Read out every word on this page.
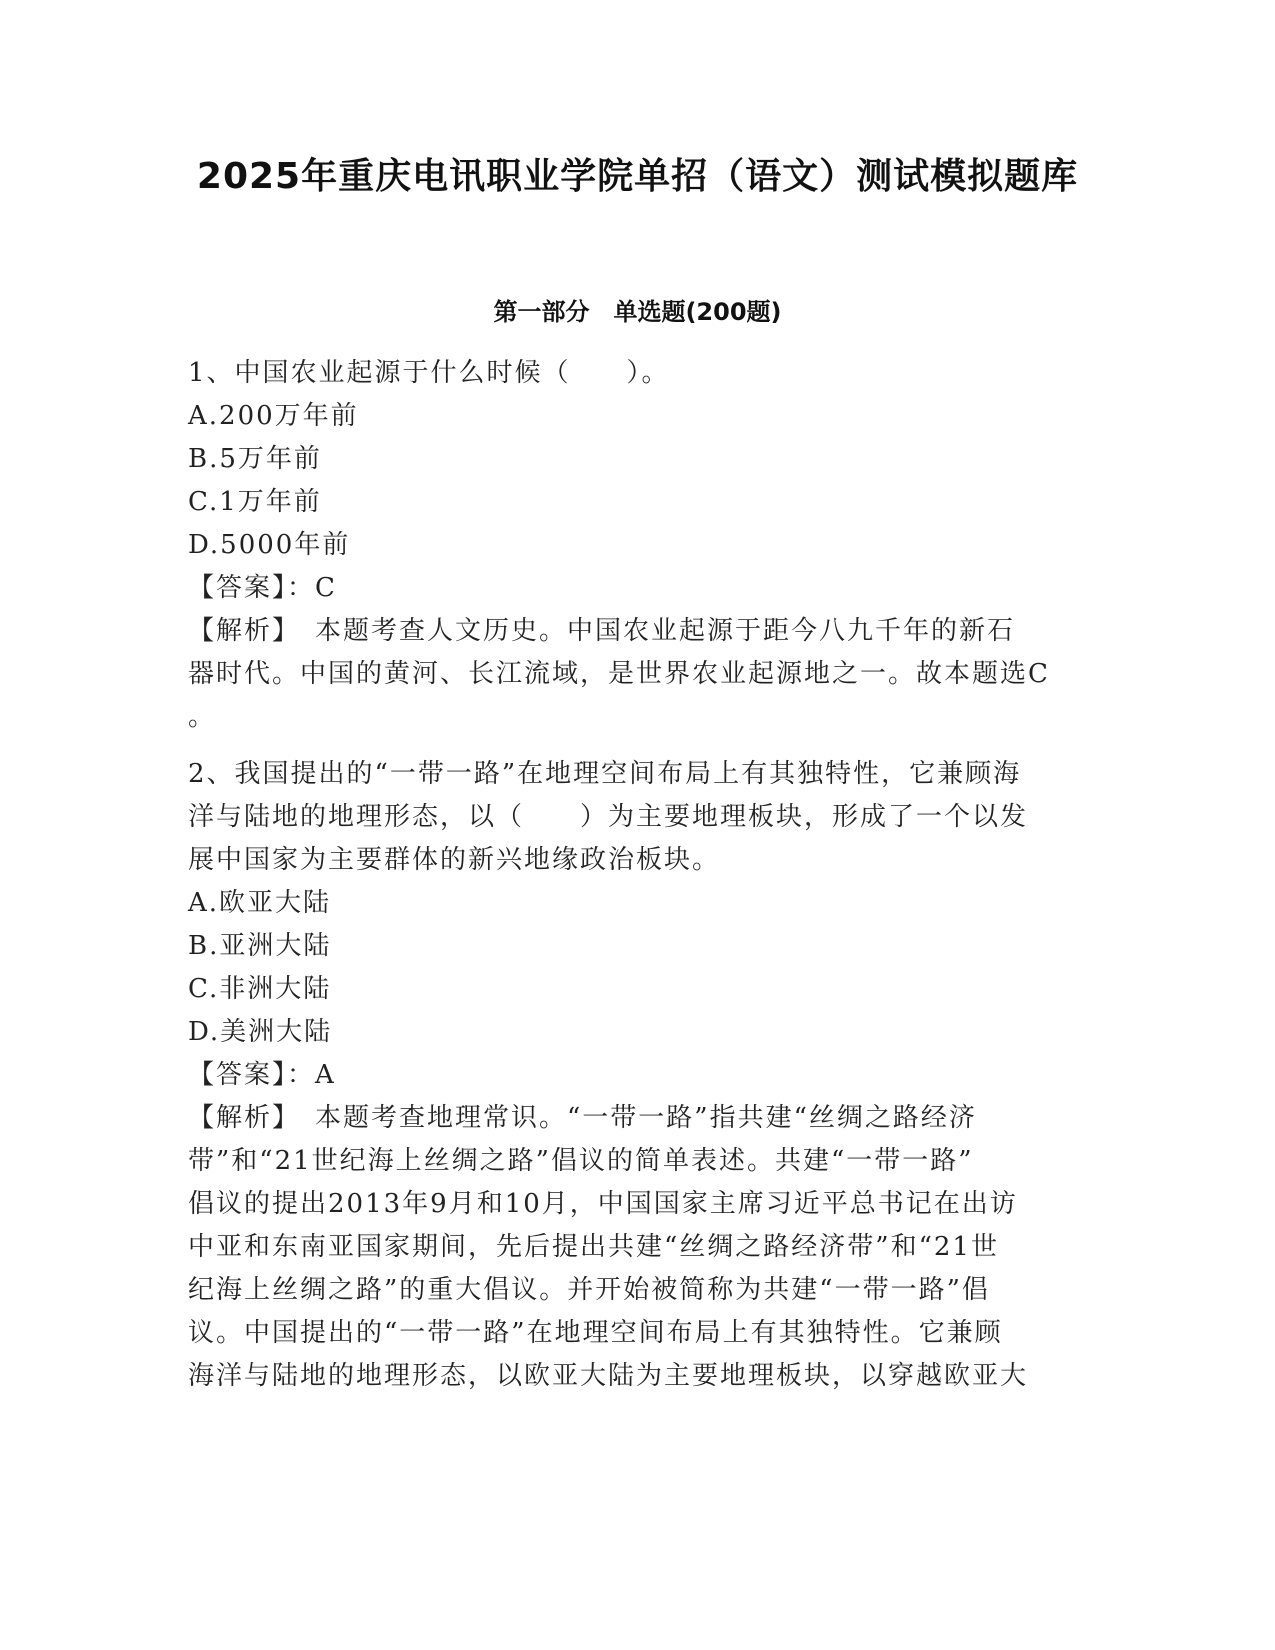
2025年重庆电讯职业学院单招（语文）测试模拟题库
第一部分　单选题(200题)

1、中国农业起源于什么时候（　　）。

A.200万年前

B.5万年前

C.1万年前

D.5000年前

【答案】：C

【解析】　本题考查人文历史。中国农业起源于距今八九千年的新石

器时代。中国的黄河、长江流域，是世界农业起源地之一。故本题选C

。

2、我国提出的“一带一路”在地理空间布局上有其独特性，它兼顾海

洋与陆地的地理形态，以（　　）为主要地理板块，形成了一个以发

展中国家为主要群体的新兴地缘政治板块。

A.欧亚大陆

B.亚洲大陆

C.非洲大陆

D.美洲大陆

【答案】：A

【解析】　本题考查地理常识。“一带一路”指共建“丝绸之路经济

带”和“21世纪海上丝绸之路”倡议的简单表述。共建“一带一路”

倡议的提出2013年9月和10月，中国国家主席习近平总书记在出访

中亚和东南亚国家期间，先后提出共建“丝绸之路经济带”和“21世

纪海上丝绸之路”的重大倡议。并开始被简称为共建“一带一路”倡

议。中国提出的“一带一路”在地理空间布局上有其独特性。它兼顾

海洋与陆地的地理形态，以欧亚大陆为主要地理板块，以穿越欧亚大
